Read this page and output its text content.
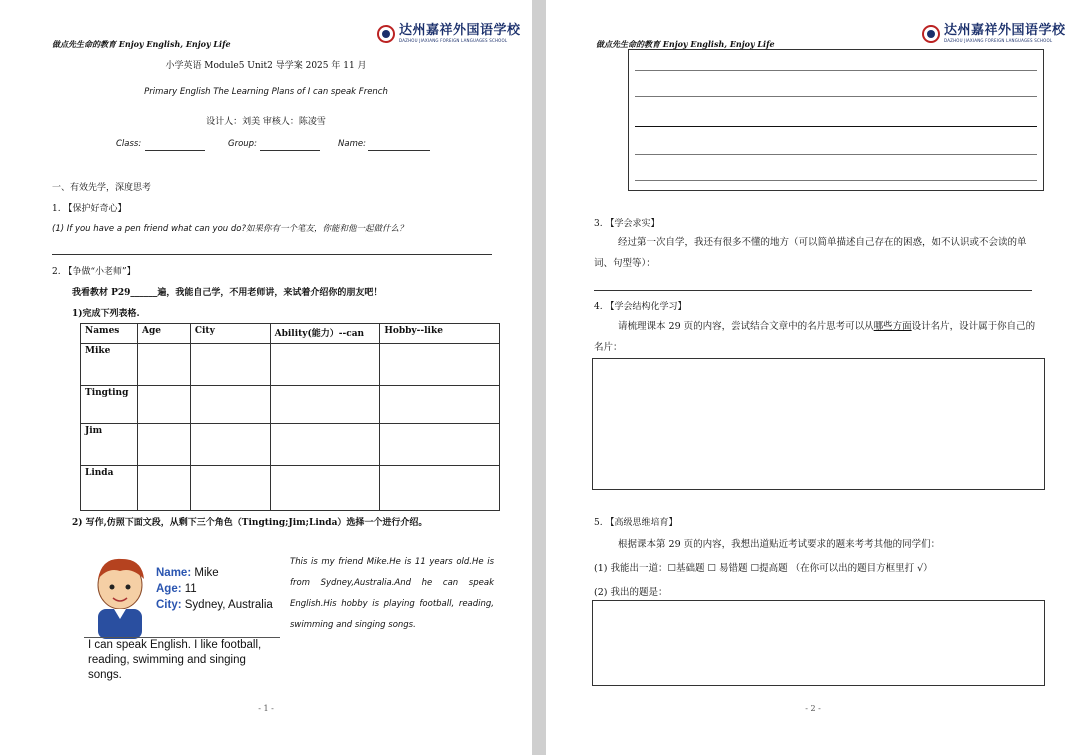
做点先生命的教育 Enjoy English, Enjoy Life
达州嘉祥外国语学校
DAZHOU JIAXIANG FOREIGN LANGUAGES SCHOOL
小学英语 Module5 Unit2 导学案 2025 年 11 月
Primary English The Learning Plans of I can speak French
设计人：刘美 审核人：陈凌雪
Class:	Group:	Name:
一、有效先学，深度思考
1. 【保护好奇心】
(1) If you have a pen friend what can you do?如果你有一个笔友，你能和他一起做什么？
2. 【争做“小老师”】
我看教材 P29______遍，我能自己学，不用老师讲，来试着介绍你的朋友吧！
1)完成下列表格.
Names	Age	City	Ability(能力）--can	Hobby--like
Mike				
Tingting				
Jim				
Linda				
2) 写作,仿照下面文段，从剩下三个角色（Tingting;Jim;Linda）选择一个进行介绍。
Name: Mike
Age: 11
City: Sydney, Australia
I can speak English. I like football, reading, swimming and singing songs.
This is my friend Mike.He is 11 years old.He is from Sydney,Australia.And he can speak English.His hobby is playing football, reading, swimming and singing songs.
- 1 -
做点先生命的教育 Enjoy English, Enjoy Life
达州嘉祥外国语学校
DAZHOU JIAXIANG FOREIGN LANGUAGES SCHOOL
3. 【学会求实】
经过第一次自学，我还有很多不懂的地方（可以简单描述自己存在的困惑，如不认识或不会读的单词、句型等）：
4. 【学会结构化学习】
请梳理课本 29 页的内容，尝试结合文章中的名片思考可以从哪些方面设计名片，设计属于你自己的名片：
5. 【高级思维培育】
根据课本第 29 页的内容，我想出道贴近考试要求的题来考考其他的同学们：
(1) 我能出一道：☐基础题 ☐ 易错题 ☐提高题 （在你可以出的题目方框里打 √）
(2) 我出的题是：
- 2 -
